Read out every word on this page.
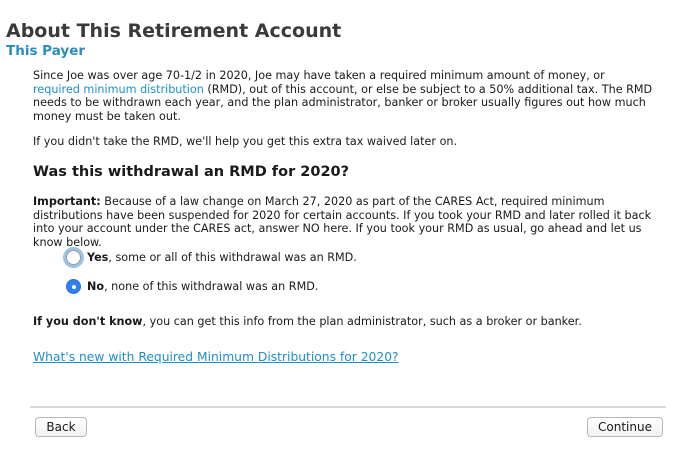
About This Retirement Account
This Payer
Since Joe was over age 70-1/2 in 2020, Joe may have taken a required minimum amount of money, or required minimum distribution (RMD), out of this account, or else be subject to a 50% additional tax. The RMD needs to be withdrawn each year, and the plan administrator, banker or broker usually figures out how much money must be taken out.
If you didn't take the RMD, we'll help you get this extra tax waived later on.
Was this withdrawal an RMD for 2020?
Important: Because of a law change on March 27, 2020 as part of the CARES Act, required minimum distributions have been suspended for 2020 for certain accounts. If you took your RMD and later rolled it back into your account under the CARES act, answer NO here. If you took your RMD as usual, go ahead and let us know below.
Yes, some or all of this withdrawal was an RMD.
No, none of this withdrawal was an RMD.
If you don't know, you can get this info from the plan administrator, such as a broker or banker.
What's new with Required Minimum Distributions for 2020?
Back	Continue
